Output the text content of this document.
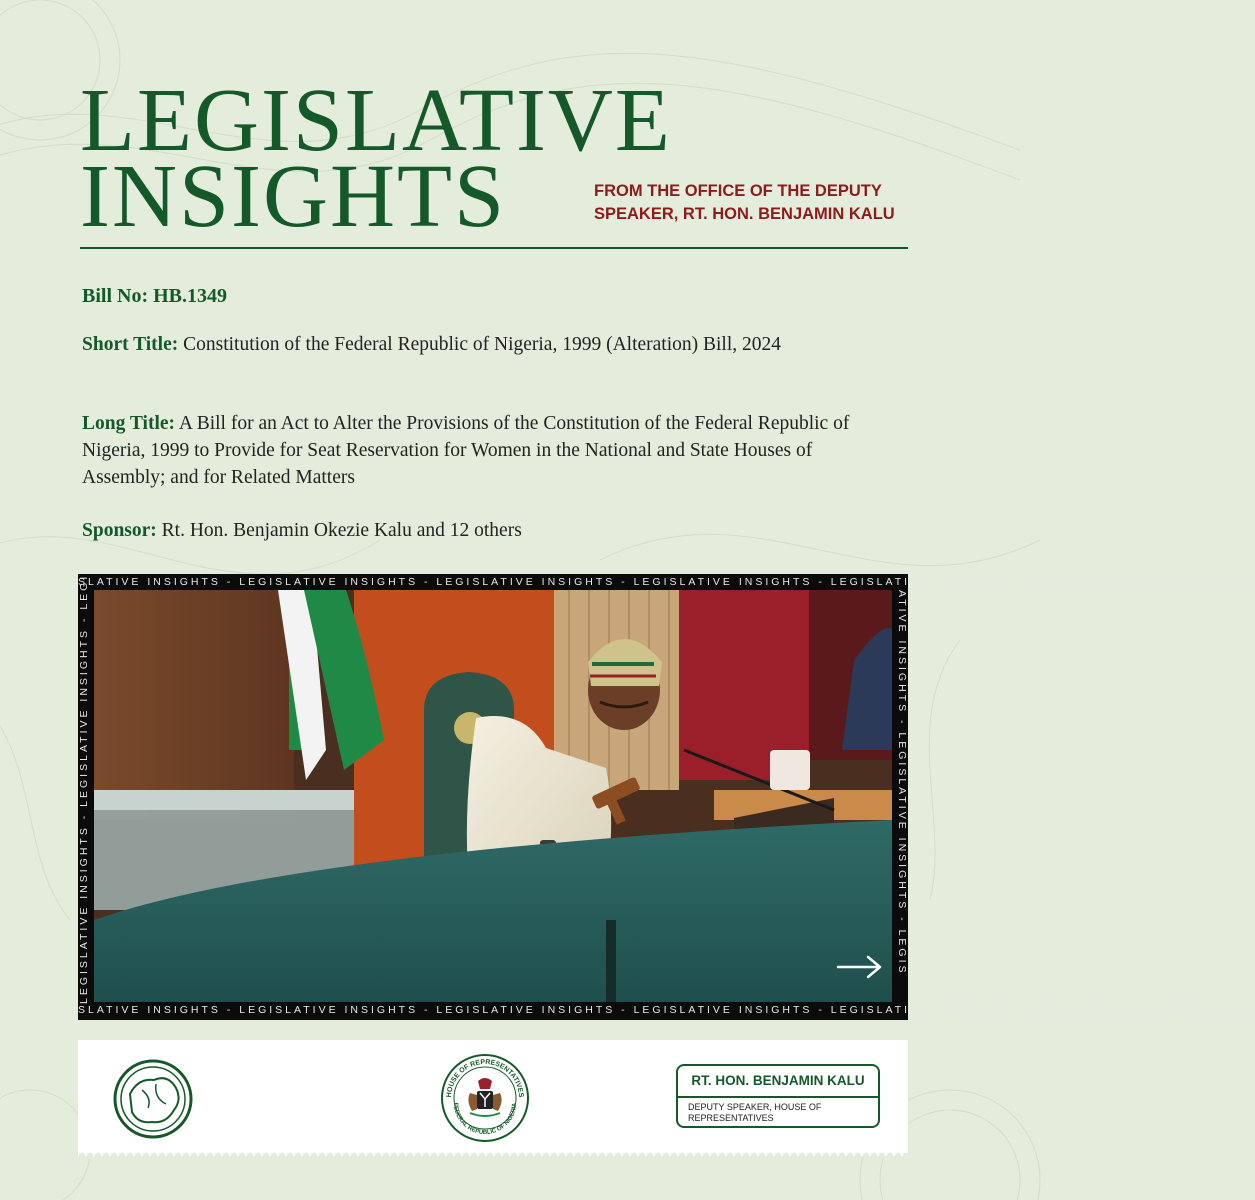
LEGISLATIVE
INSIGHTS	FROM THE OFFICE OF THE DEPUTY SPEAKER, RT. HON. BENJAMIN KALU

Bill No: HB.1349

Short Title: Constitution of the Federal Republic of Nigeria, 1999 (Alteration) Bill, 2024

Long Title: A Bill for an Act to Alter the Provisions of the Constitution of the Federal Republic of Nigeria, 1999 to Provide for Seat Reservation for Women in the National and State Houses of Assembly; and for Related Matters

Sponsor: Rt. Hon. Benjamin Okezie Kalu and 12 others

SLATIVE INSIGHTS - LEGISLATIVE INSIGHTS - LEGISLATIVE INSIGHTS - LEGISLATIVE INSIGHTS - LEGISLATIVE INSIGHTS - LEGISLATIVE INSIGHTS - LEG
LEGISLATIVE INSIGHTS - LEGISLATIVE INSIGHTS - LEGIS	ATIVE INSIGHTS - LEGISLATIVE INSIGHTS - LEGIS
SLATIVE INSIGHTS - LEGISLATIVE INSIGHTS - LEGISLATIVE INSIGHTS - LEGISLATIVE INSIGHTS - LEGISLATIVE INSIGHTS - LEGISLATIVE INSIGHTS - LEG
HOUSE OF REPRESENTATIVES
FEDERAL REPUBLIC OF NIGERIA
RT. HON. BENJAMIN KALU
DEPUTY SPEAKER, HOUSE OF REPRESENTATIVES
